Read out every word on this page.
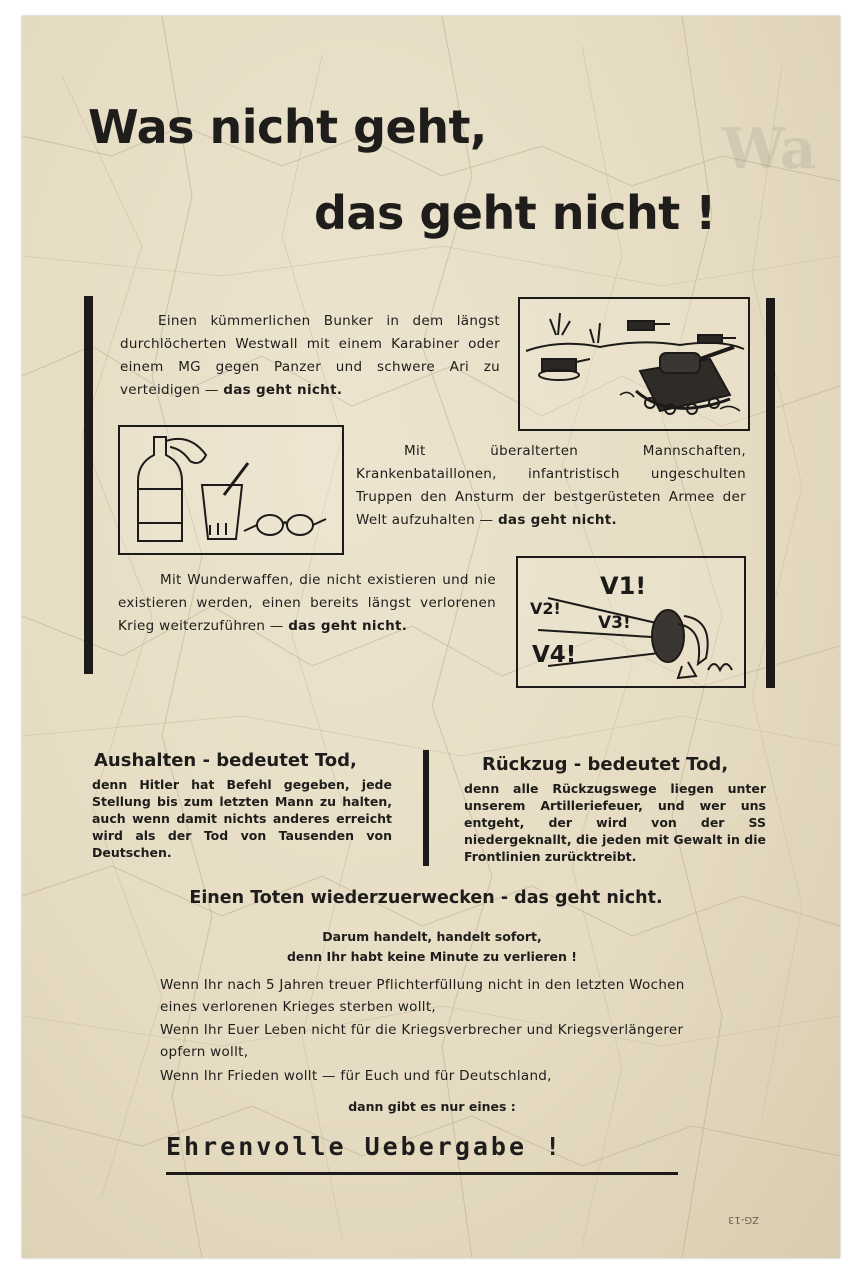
Wa
Was nicht geht,
das geht nicht !
Einen kümmerlichen Bunker in dem längst durchlöcherten Westwall mit einem Karabiner oder einem MG gegen Panzer und schwere Ari zu verteidigen — das geht nicht.
Mit überalterten Mannschaften, Krankenbataillonen, infantristisch ungeschulten Truppen den Ansturm der bestgerüsteten Armee der Welt aufzuhalten — das geht nicht.
V1!
V2!
V3!
V4!
Mit Wunderwaffen, die nicht existieren und nie existieren werden, einen bereits längst verlorenen Krieg weiterzuführen — das geht nicht.
Aushalten - bedeutet Tod,
denn Hitler hat Befehl gegeben, jede Stellung bis zum letzten Mann zu halten, auch wenn damit nichts anderes erreicht wird als der Tod von Tausenden von Deutschen.
Rückzug - bedeutet Tod,
denn alle Rückzugswege liegen unter unserem Artilleriefeuer, und wer uns entgeht, der wird von der SS niedergeknallt, die jeden mit Gewalt in die Frontlinien zurücktreibt.
Einen Toten wiederzuerwecken - das geht nicht.
Darum handelt, handelt sofort,
denn Ihr habt keine Minute zu verlieren !
Wenn Ihr nach 5 Jahren treuer Pflichterfüllung nicht in den letzten Wochen eines verlorenen Krieges sterben wollt,
Wenn Ihr Euer Leben nicht für die Kriegsverbrecher und Kriegsverlängerer opfern wollt,
Wenn Ihr Frieden wollt — für Euch und für Deutschland,
dann gibt es nur eines :
Ehrenvolle Uebergabe !
ZG-13
